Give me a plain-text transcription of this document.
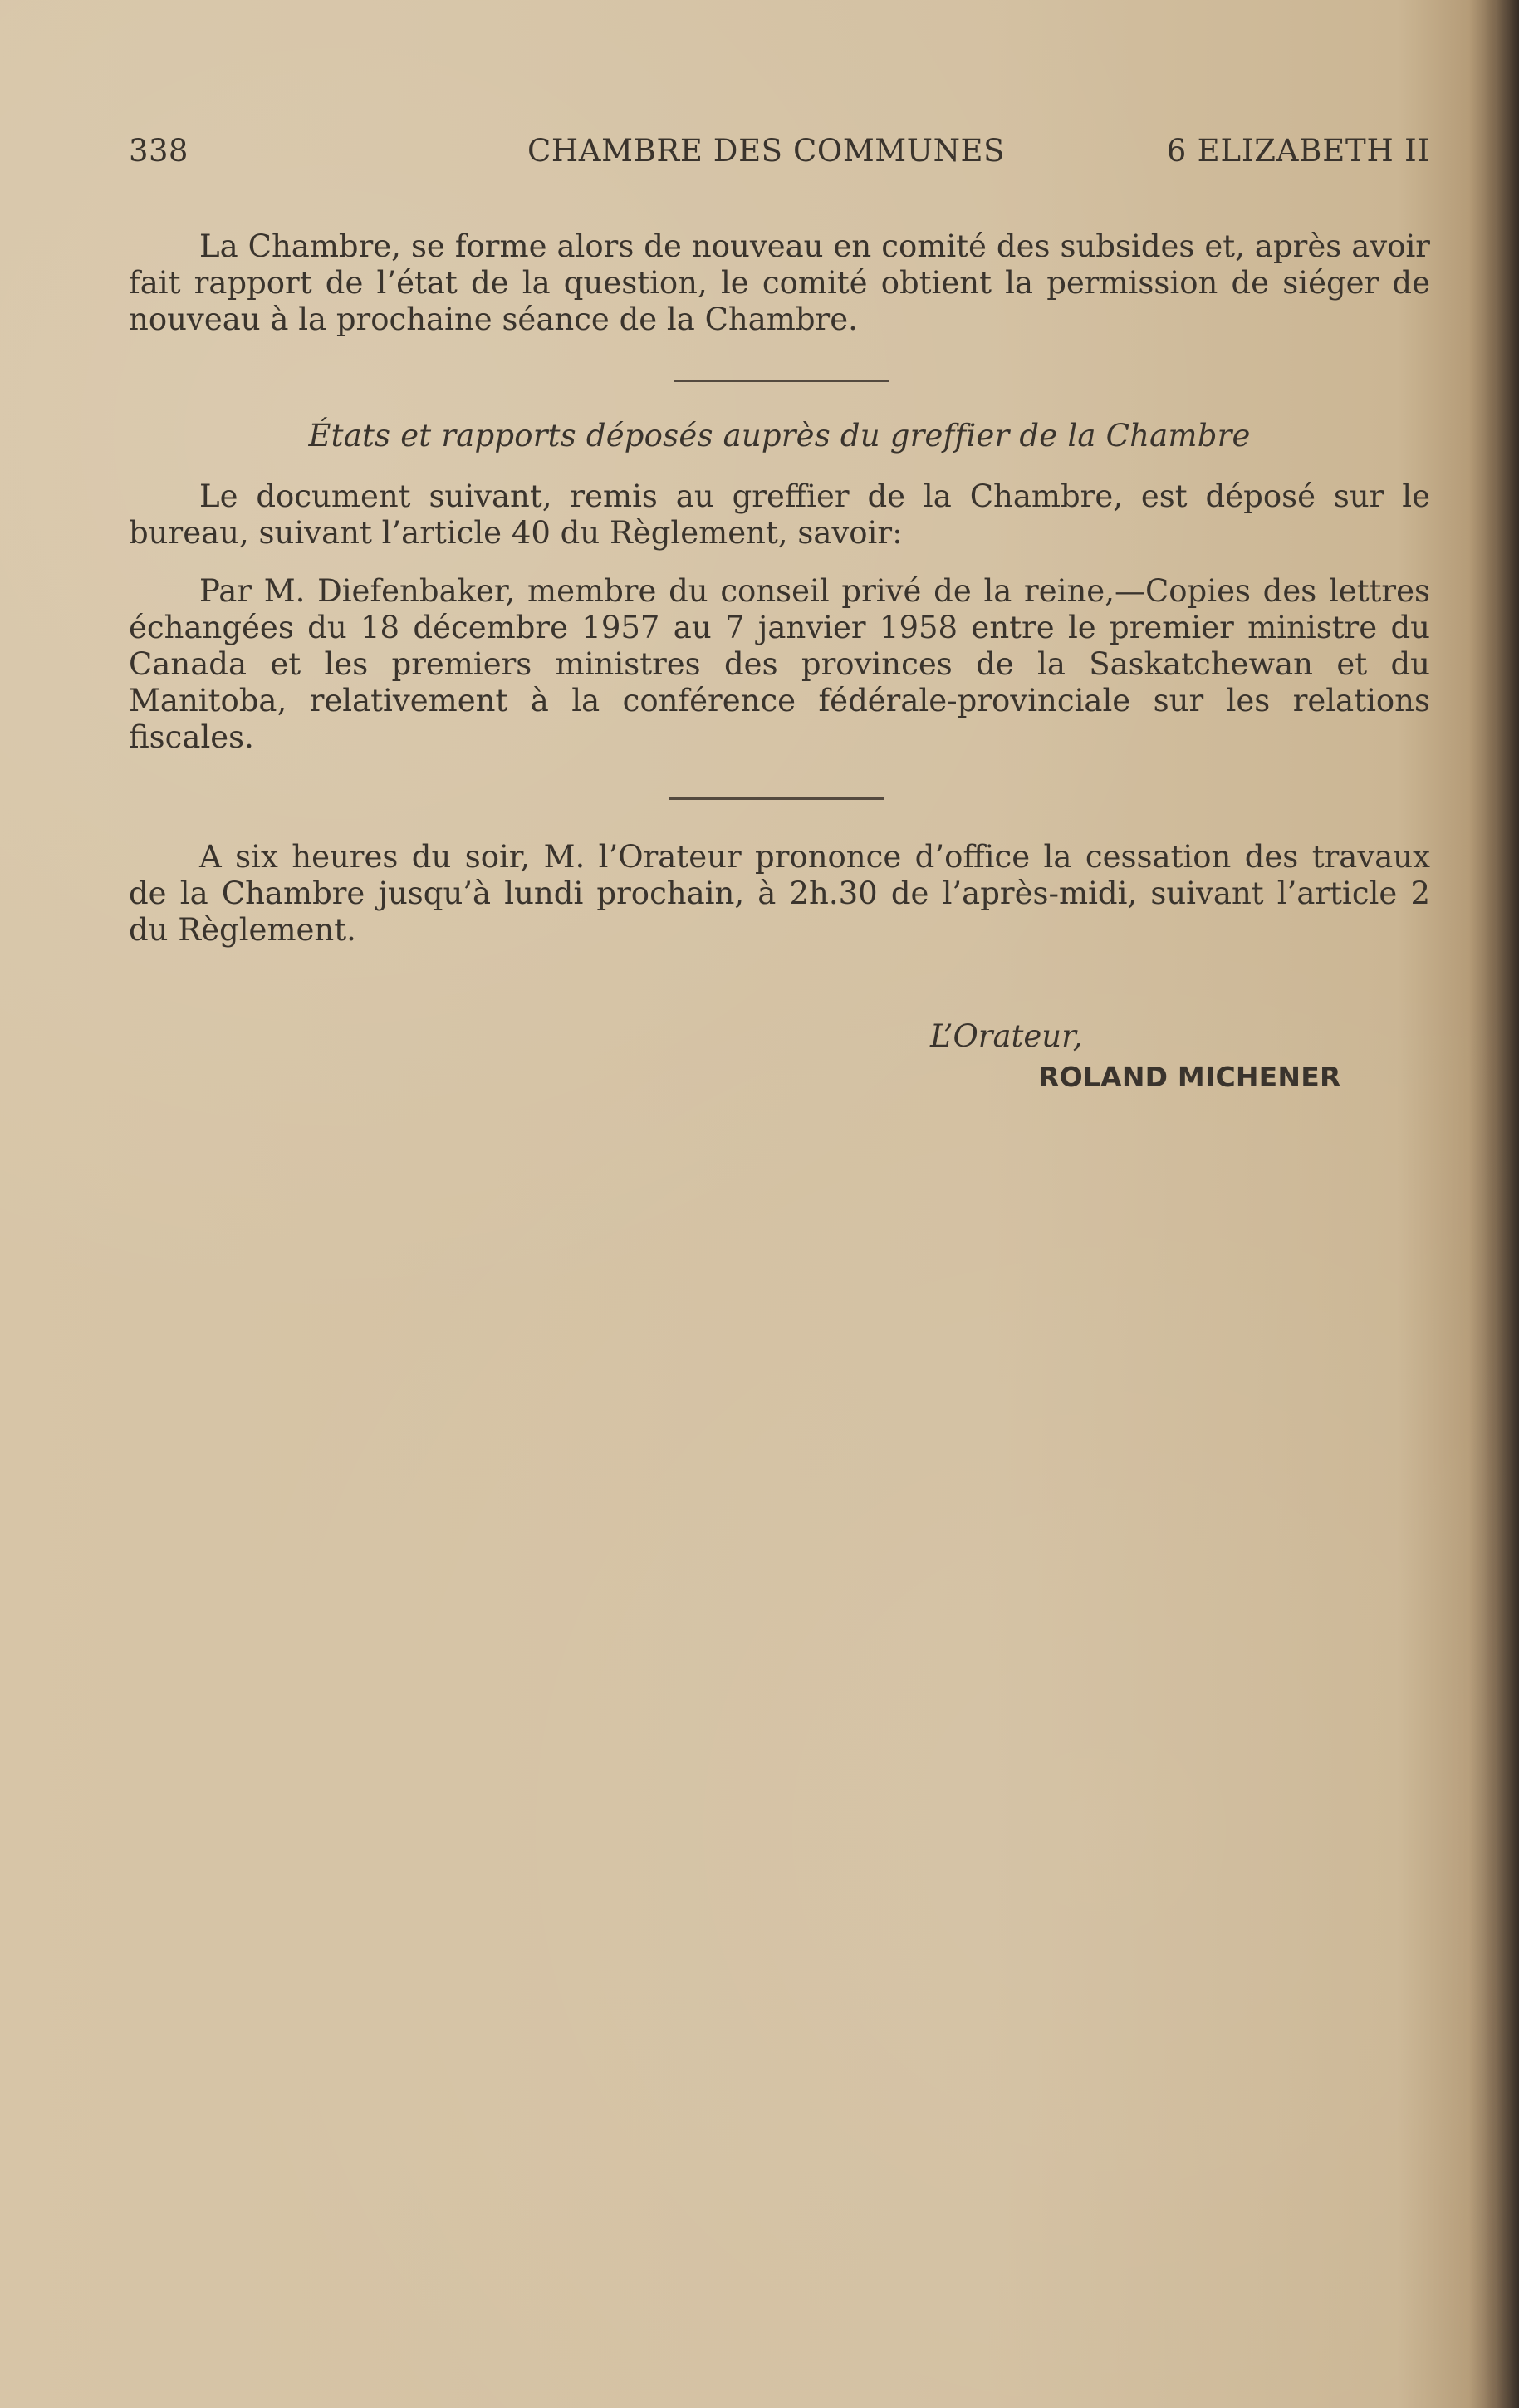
338	CHAMBRE DES COMMUNES	6 ELIZABETH II

La Chambre, se forme alors de nouveau en comité des subsides et, après avoir fait rapport de l’état de la question, le comité obtient la permission de siéger de nouveau à la prochaine séance de la Chambre.

États et rapports déposés auprès du greffier de la Chambre

Le document suivant, remis au greffier de la Chambre, est déposé sur le bureau, suivant l’article 40 du Règlement, savoir:

Par M. Diefenbaker, membre du conseil privé de la reine,—Copies des lettres échangées du 18 décembre 1957 au 7 janvier 1958 entre le premier ministre du Canada et les premiers ministres des provinces de la Saskatchewan et du Manitoba, relativement à la conférence fédérale-provinciale sur les relations fiscales.

A six heures du soir, M. l’Orateur prononce d’office la cessation des travaux de la Chambre jusqu’à lundi prochain, à 2h.30 de l’après-midi, suivant l’article 2 du Règlement.

L’Orateur,
ROLAND MICHENER
